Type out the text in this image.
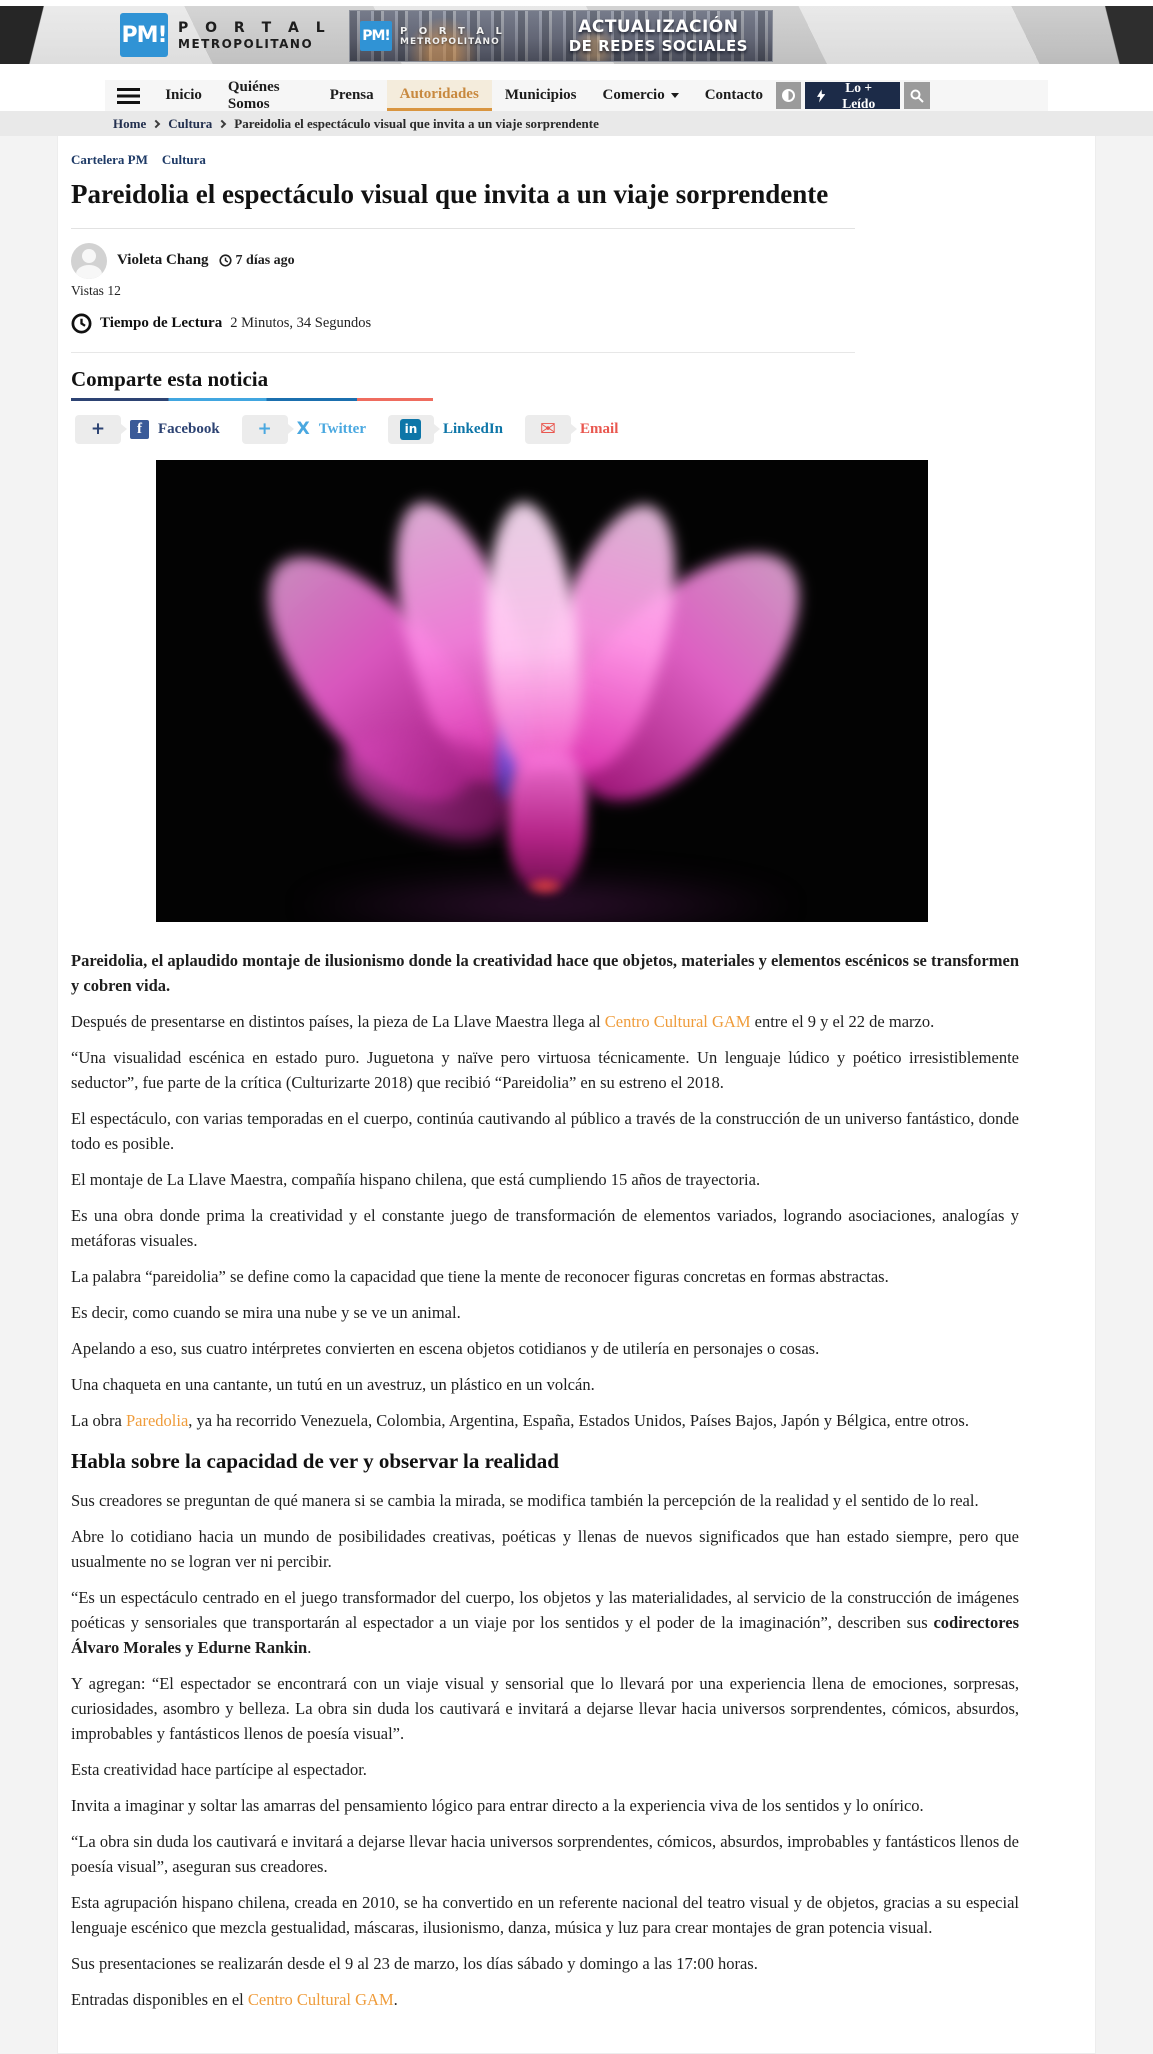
PM! P O R T A L
METROPOLITANO	PM! P O R T A L
METROPOLITANO
ACTUALIZACIÓN
DE REDES SOCIALES
Inicio
Quiénes Somos
Prensa	Autoridades	Municipios	Comercio	Contacto	Lo + Leído
Home Cultura Pareidolia el espectáculo visual que invita a un viaje sorprendente
Cartelera PM Cultura
Pareidolia el espectáculo visual que invita a un viaje sorprendente
Violeta Chang 7 días ago
Vistas 12
Tiempo de Lectura 2 Minutos, 34 Segundos
Comparte esta noticia
+	f	Facebook	+	X Twitter	in LinkedIn ✉ Email

Pareidolia, el aplaudido montaje de ilusionismo donde la creatividad hace que objetos, materiales y elementos escénicos se transformen y cobren vida.

Después de presentarse en distintos países, la pieza de La Llave Maestra llega al Centro Cultural GAM entre el 9 y el 22 de marzo.

“Una visualidad escénica en estado puro. Juguetona y naïve pero virtuosa técnicamente. Un lenguaje lúdico y poético irresistiblemente seductor”, fue parte de la crítica (Culturizarte 2018) que recibió “Pareidolia” en su estreno el 2018.

El espectáculo, con varias temporadas en el cuerpo, continúa cautivando al público a través de la construcción de un universo fantástico, donde todo es posible.

El montaje de La Llave Maestra, compañía hispano chilena, que está cumpliendo 15 años de trayectoria.

Es una obra donde prima la creatividad y el constante juego de transformación de elementos variados, logrando asociaciones, analogías y metáforas visuales.

La palabra “pareidolia” se define como la capacidad que tiene la mente de reconocer figuras concretas en formas abstractas.

Es decir, como cuando se mira una nube y se ve un animal.

Apelando a eso, sus cuatro intérpretes convierten en escena objetos cotidianos y de utilería en personajes o cosas.

Una chaqueta en una cantante, un tutú en un avestruz, un plástico en un volcán.

La obra Paredolia, ya ha recorrido Venezuela, Colombia, Argentina, España, Estados Unidos, Países Bajos, Japón y Bélgica, entre otros.

Habla sobre la capacidad de ver y observar la realidad

Sus creadores se preguntan de qué manera si se cambia la mirada, se modifica también la percepción de la realidad y el sentido de lo real.

Abre lo cotidiano hacia un mundo de posibilidades creativas, poéticas y llenas de nuevos significados que han estado siempre, pero que usualmente no se logran ver ni percibir.

“Es un espectáculo centrado en el juego transformador del cuerpo, los objetos y las materialidades, al servicio de la construcción de imágenes poéticas y sensoriales que transportarán al espectador a un viaje por los sentidos y el poder de la imaginación”, describen sus codirectores Álvaro Morales y Edurne Rankin.

Y agregan: “El espectador se encontrará con un viaje visual y sensorial que lo llevará por una experiencia llena de emociones, sorpresas, curiosidades, asombro y belleza. La obra sin duda los cautivará e invitará a dejarse llevar hacia universos sorprendentes, cómicos, absurdos, improbables y fantásticos llenos de poesía visual”.

Esta creatividad hace partícipe al espectador.

Invita a imaginar y soltar las amarras del pensamiento lógico para entrar directo a la experiencia viva de los sentidos y lo onírico.

“La obra sin duda los cautivará e invitará a dejarse llevar hacia universos sorprendentes, cómicos, absurdos, improbables y fantásticos llenos de poesía visual”, aseguran sus creadores.

Esta agrupación hispano chilena, creada en 2010, se ha convertido en un referente nacional del teatro visual y de objetos, gracias a su especial lenguaje escénico que mezcla gestualidad, máscaras, ilusionismo, danza, música y luz para crear montajes de gran potencia visual.

Sus presentaciones se realizarán desde el 9 al 23 de marzo, los días sábado y domingo a las 17:00 horas.

Entradas disponibles en el Centro Cultural GAM.
